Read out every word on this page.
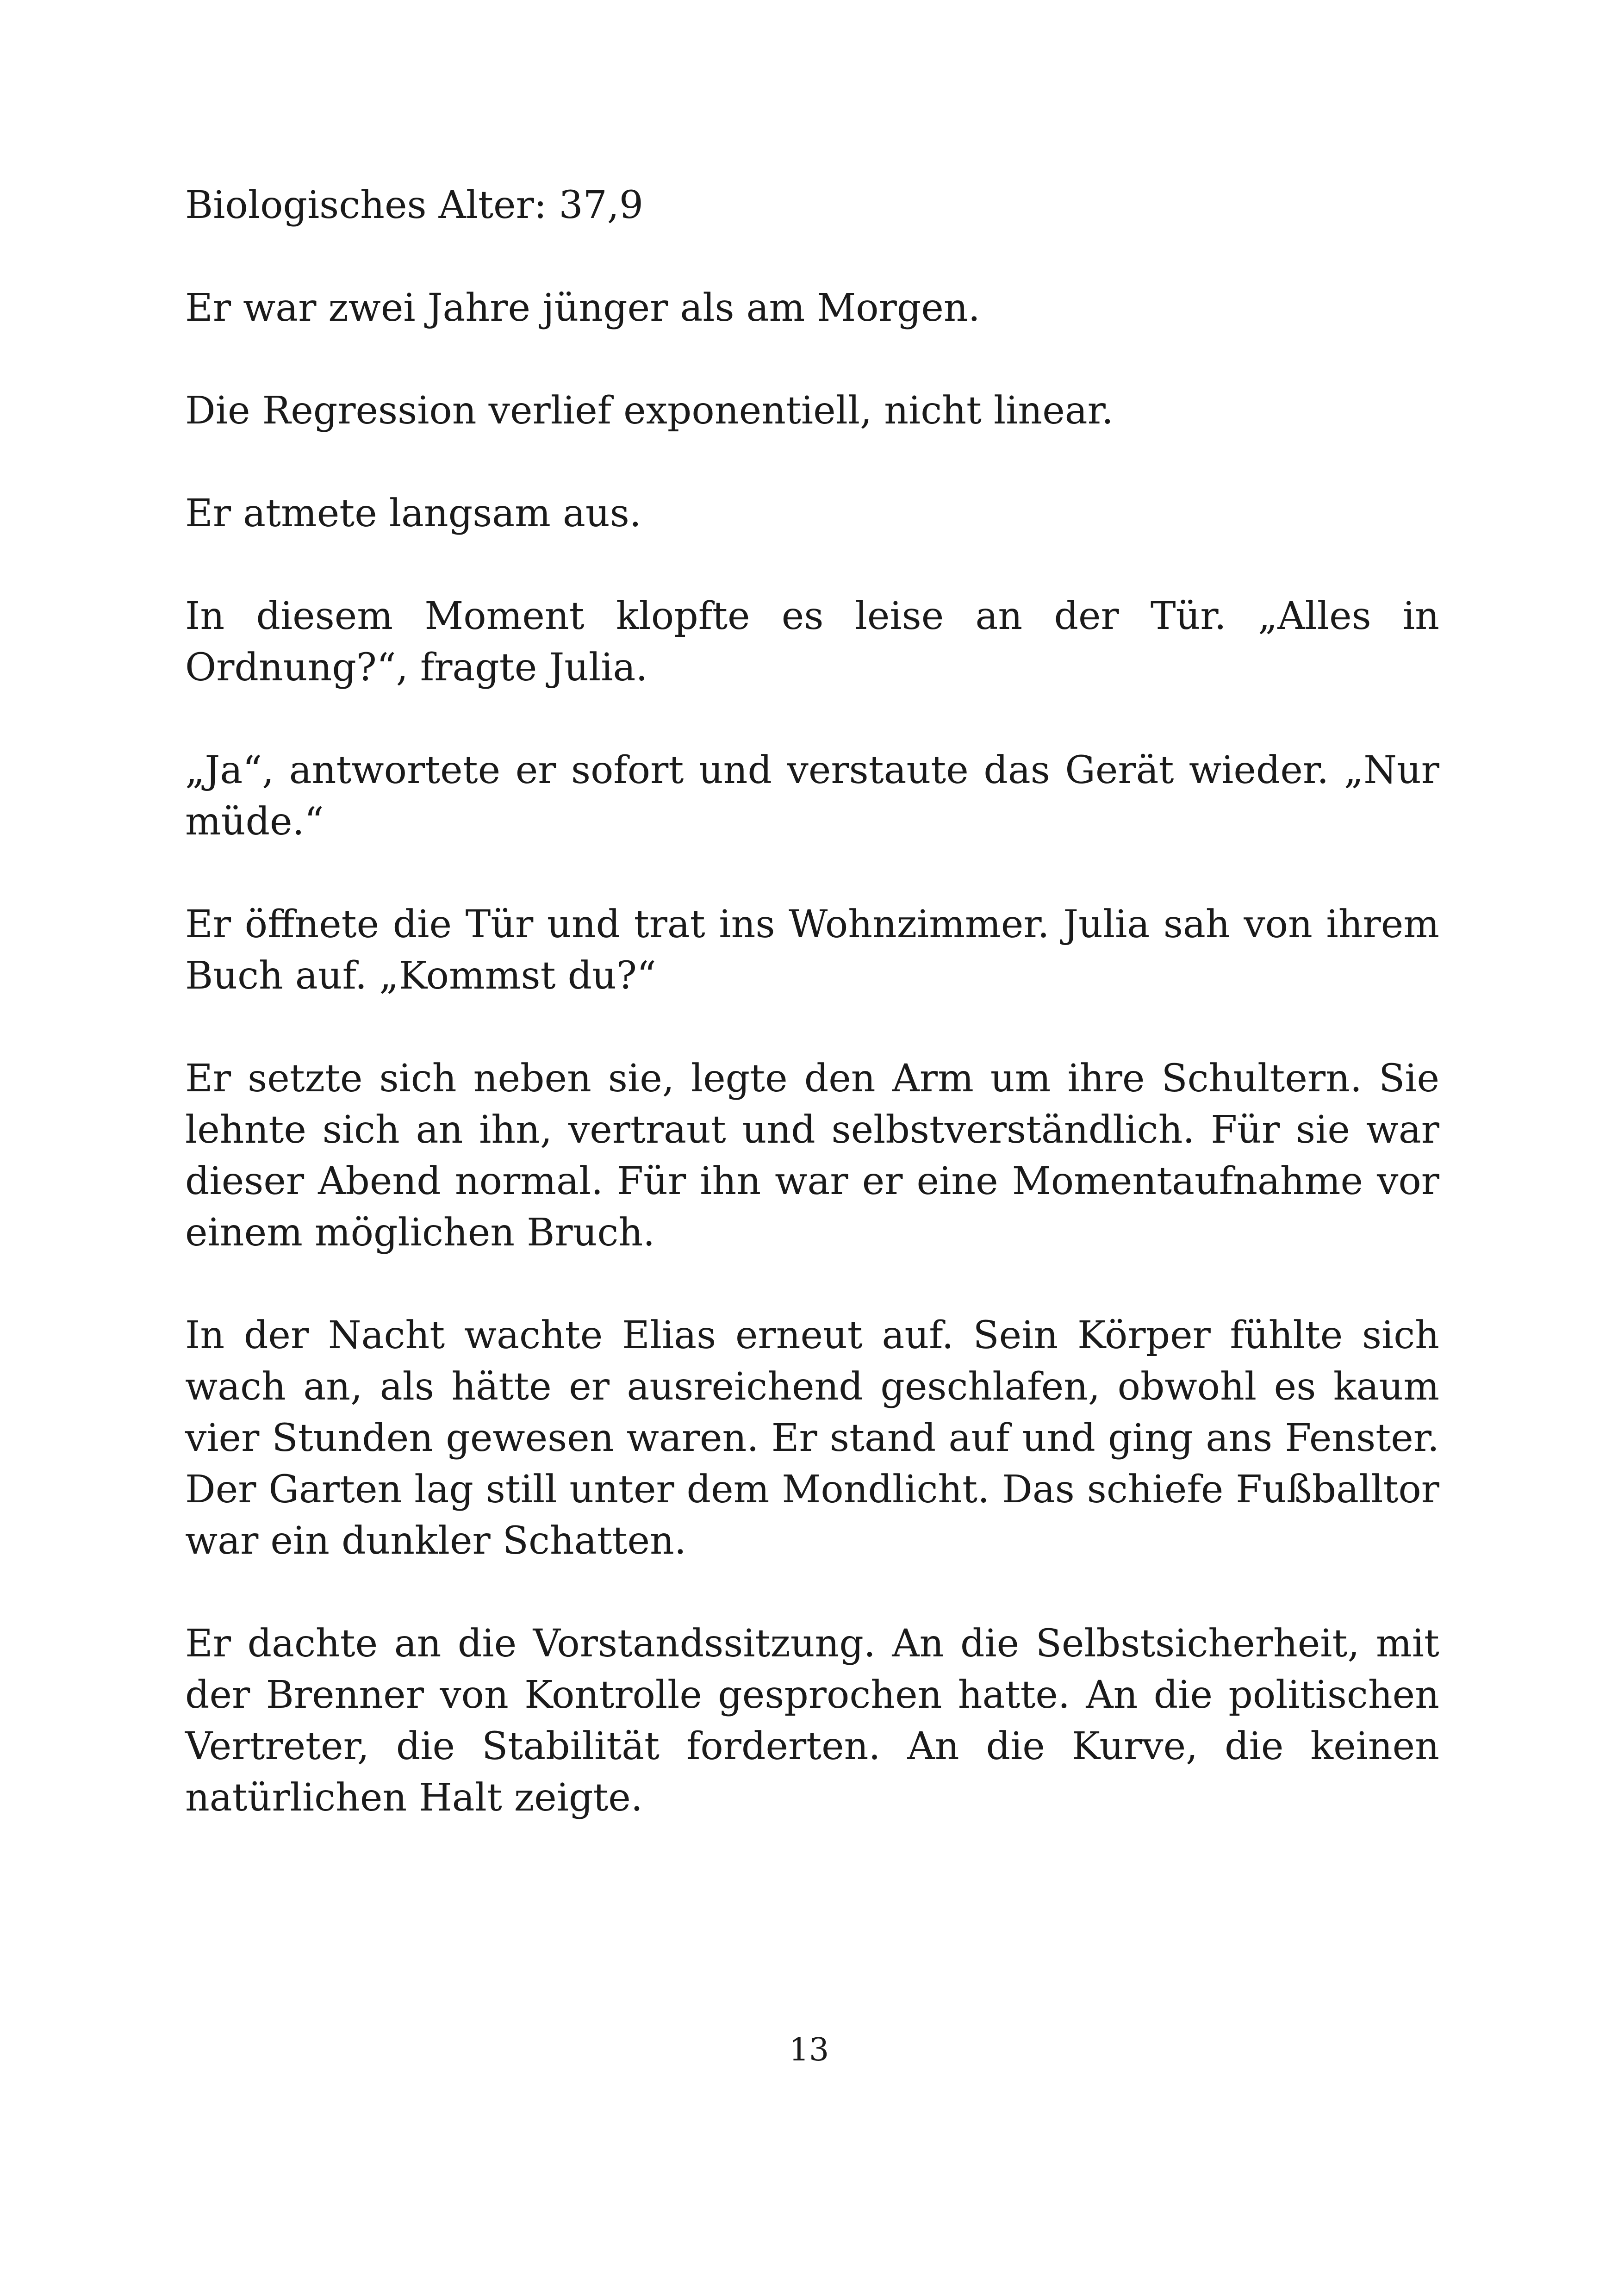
Biologisches Alter: 37,9

Er war zwei Jahre jünger als am Morgen.

Die Regression verlief exponentiell, nicht linear.

Er atmete langsam aus.

In diesem Moment klopfte es leise an der Tür. „Alles in Ordnung?“, fragte Julia.

„Ja“, antwortete er sofort und verstaute das Gerät wieder. „Nur müde.“

Er öffnete die Tür und trat ins Wohnzimmer. Julia sah von ihrem Buch auf. „Kommst du?“

Er setzte sich neben sie, legte den Arm um ihre Schultern. Sie lehnte sich an ihn, vertraut und selbstverständlich. Für sie war dieser Abend normal. Für ihn war er eine Momentaufnahme vor einem möglichen Bruch.

In der Nacht wachte Elias erneut auf. Sein Körper fühlte sich wach an, als hätte er ausreichend geschlafen, obwohl es kaum vier Stunden gewesen waren. Er stand auf und ging ans Fenster. Der Garten lag still unter dem Mondlicht. Das schiefe Fußballtor war ein dunkler Schatten.

Er dachte an die Vorstandssitzung. An die Selbstsicherheit, mit der Brenner von Kontrolle gesprochen hatte. An die politischen Vertreter, die Stabilität forderten. An die Kurve, die keinen natürlichen Halt zeigte.

13
